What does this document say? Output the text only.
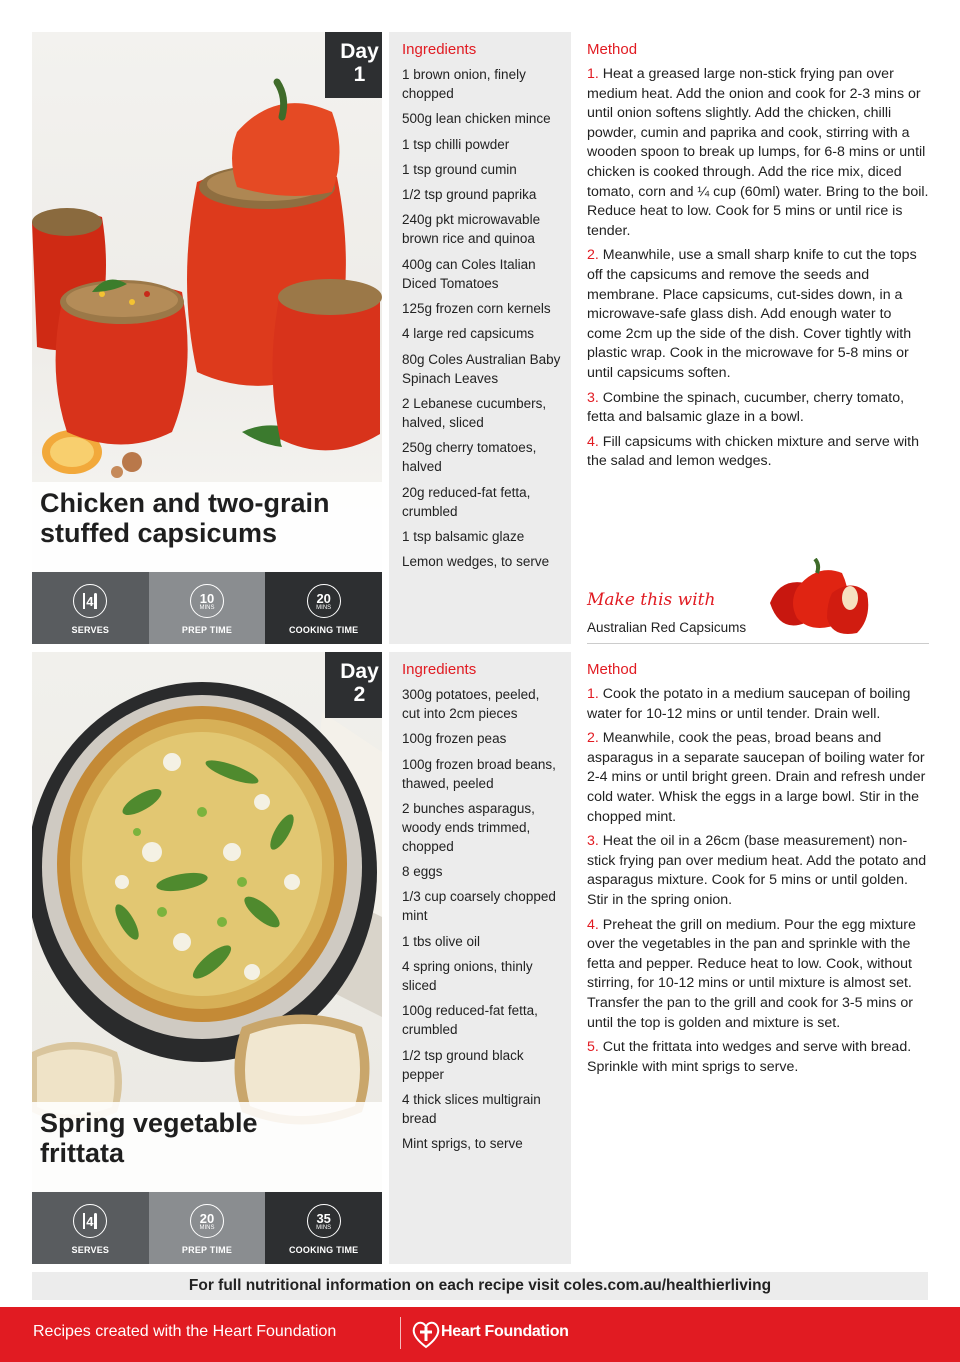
Chicken and two-grain
stuffed capsicums
Day
1
4
SERVES
10
MINS
PREP TIME
20
MINS
COOKING TIME
Ingredients
1 brown onion, finely chopped
500g lean chicken mince
1 tsp chilli powder
1 tsp ground cumin
1/2 tsp ground paprika
240g pkt microwavable brown rice and quinoa
400g can Coles Italian Diced Tomatoes
125g frozen corn kernels
4 large red capsicums
80g Coles Australian Baby Spinach Leaves
2 Lebanese cucumbers, halved, sliced
250g cherry tomatoes, halved
20g reduced-fat fetta, crumbled
1 tsp balsamic glaze
Lemon wedges, to serve
Method

1. Heat a greased large non-stick frying pan over medium heat. Add the onion and cook for 2-3 mins or until onion softens slightly. Add the chicken, chilli powder, cumin and paprika and cook, stirring with a wooden spoon to break up lumps, for 6-8 mins or until chicken is cooked through. Add the rice mix, diced tomato, corn and ¼ cup (60ml) water. Bring to the boil. Reduce heat to low. Cook for 5 mins or until rice is tender.

2. Meanwhile, use a small sharp knife to cut the tops off the capsicums and remove the seeds and membrane. Place capsicums, cut-sides down, in a microwave-safe glass dish. Add enough water to come 2cm up the side of the dish. Cover tightly with plastic wrap. Cook in the microwave for 5-8 mins or until capsicums soften.

3. Combine the spinach, cucumber, cherry tomato, fetta and balsamic glaze in a bowl.

4. Fill capsicums with chicken mixture and serve with the salad and lemon wedges.

Make this with
Australian Red Capsicums
Spring vegetable
frittata
Day
2
4
SERVES
20
MINS
PREP TIME
35
MINS
COOKING TIME
Ingredients
300g potatoes, peeled, cut into 2cm pieces
100g frozen peas
100g frozen broad beans, thawed, peeled
2 bunches asparagus, woody ends trimmed, chopped
8 eggs
1/3 cup coarsely chopped mint
1 tbs olive oil
4 spring onions, thinly sliced
100g reduced-fat fetta, crumbled
1/2 tsp ground black pepper
4 thick slices multigrain bread
Mint sprigs, to serve
Method

1. Cook the potato in a medium saucepan of boiling water for 10-12 mins or until tender. Drain well.

2. Meanwhile, cook the peas, broad beans and asparagus in a separate saucepan of boiling water for 2-4 mins or until bright green. Drain and refresh under cold water. Whisk the eggs in a large bowl. Stir in the chopped mint.

3. Heat the oil in a 26cm (base measurement) non-stick frying pan over medium heat. Add the potato and asparagus mixture. Cook for 5 mins or until golden. Stir in the spring onion.

4. Preheat the grill on medium. Pour the egg mixture over the vegetables in the pan and sprinkle with the fetta and pepper. Reduce heat to low. Cook, without stirring, for 10-12 mins or until mixture is almost set. Transfer the pan to the grill and cook for 3-5 mins or until the top is golden and mixture is set.

5. Cut the frittata into wedges and serve with bread. Sprinkle with mint sprigs to serve.

For full nutritional information on each recipe visit coles.com.au/healthierliving
Recipes created with the Heart Foundation	Heart Foundation
